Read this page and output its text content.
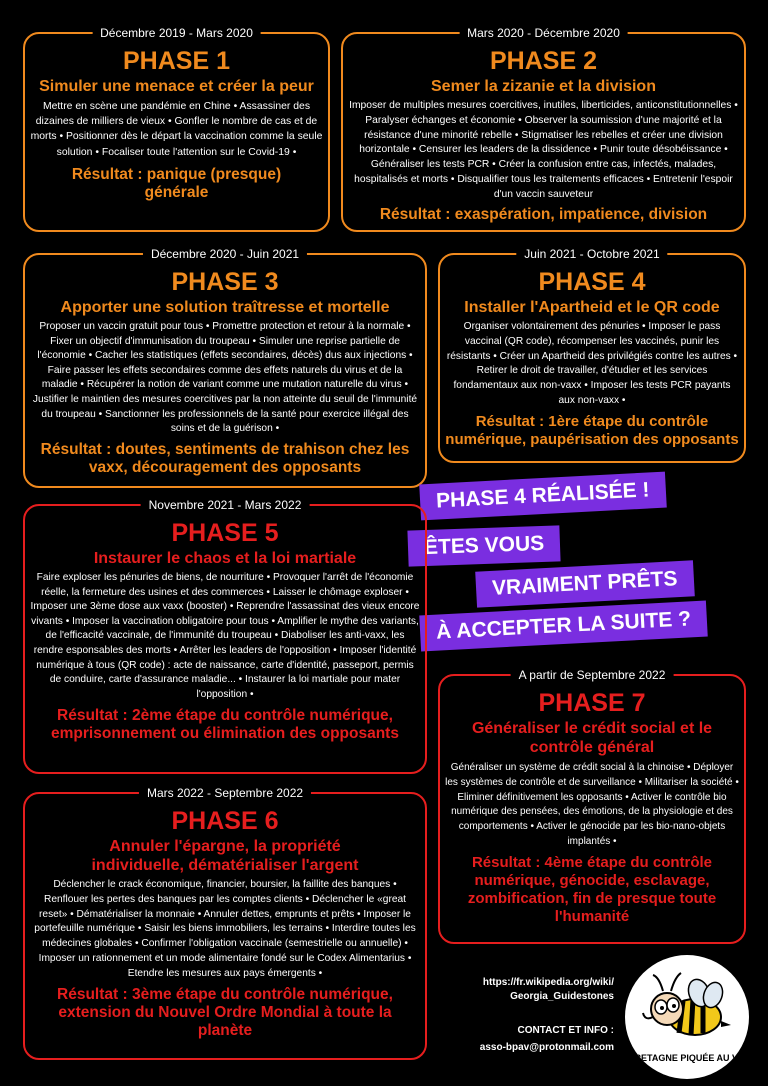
Décembre 2019 - Mars 2020
PHASE 1
Simuler une menace et créer la peur
Mettre en scène une pandémie en Chine • Assassiner des dizaines de milliers de vieux • Gonfler le nombre de cas et de morts • Positionner dès le départ la vaccination comme la seule solution • Focaliser toute l'attention sur le Covid-19 •
Résultat : panique (presque) générale
Mars 2020 - Décembre 2020
PHASE 2
Semer la zizanie et la division
Imposer de multiples mesures coercitives, inutiles, liberticides, anticonstitutionnelles • Paralyser échanges et économie • Observer la soumission d'une majorité et la résistance d'une minorité rebelle • Stigmatiser les rebelles et créer une division horizontale • Censurer les leaders de la dissidence • Punir toute désobéissance • Généraliser les tests PCR • Créer la confusion entre cas, infectés, malades, hospitalisés et morts • Disqualifier tous les traitements efficaces • Entretenir l'espoir d'un vaccin sauveteur
Résultat : exaspération, impatience, division
Décembre 2020 - Juin 2021
PHASE 3
Apporter une solution traîtresse et mortelle
Proposer un vaccin gratuit pour tous • Promettre protection et retour à la normale • Fixer un objectif d'immunisation du troupeau • Simuler une reprise partielle de l'économie • Cacher les statistiques (effets secondaires, décès) dus aux injections • Faire passer les effets secondaires comme des effets naturels du virus et de la maladie • Récupérer la notion de variant comme une mutation naturelle du virus • Justifier le maintien des mesures coercitives par la non atteinte du seuil de l'immunité du troupeau • Sanctionner les professionnels de la santé pour exercice illégal des soins et de la guérison •
Résultat : doutes, sentiments de trahison chez les vaxx, découragement des opposants
Juin 2021 - Octobre 2021
PHASE 4
Installer l'Apartheid et le QR code
Organiser volontairement des pénuries • Imposer le pass vaccinal (QR code), récompenser les vaccinés, punir les résistants • Créer un Apartheid des privilégiés contre les autres • Retirer le droit de travailler, d'étudier et les services fondamentaux aux non-vaxx • Imposer les tests PCR payants aux non-vaxx •
Résultat : 1ère étape du contrôle numérique, paupérisation des opposants
PHASE 4 RÉALISÉE !
ÊTES VOUS
VRAIMENT PRÊTS
À ACCEPTER LA SUITE ?
Novembre 2021 - Mars 2022
PHASE 5
Instaurer le chaos et la loi martiale
Faire exploser les pénuries de biens, de nourriture • Provoquer l'arrêt de l'économie réelle, la fermeture des usines et des commerces • Laisser le chômage exploser • Imposer une 3ème dose aux vaxx (booster) • Reprendre l'assassinat des vieux encore vivants • Imposer la vaccination obligatoire pour tous • Amplifier le mythe des variants, de l'efficacité vaccinale, de l'immunité du troupeau • Diaboliser les anti-vaxx, les rendre esponsables des morts • Arrêter les leaders de l'opposition • Imposer l'identité numérique à tous (QR code) : acte de naissance, carte d'identité, passeport, permis de conduire, carte d'assurance maladie... • Instaurer la loi martiale pour mater l'opposition •
Résultat : 2ème étape du contrôle numérique, emprisonnement ou élimination des opposants
Mars 2022 - Septembre 2022
PHASE 6
Annuler l'épargne, la propriété individuelle, dématérialiser l'argent
Déclencher le crack économique, financier, boursier, la faillite des banques • Renflouer les pertes des banques par les comptes clients • Déclencher le «great reset» • Dématérialiser la monnaie • Annuler dettes, emprunts et prêts • Imposer le portefeuille numérique • Saisir les biens immobiliers, les terrains • Interdire toutes les médecines globales • Confirmer l'obligation vaccinale (semestrielle ou annuelle) • Imposer un rationnement et un mode alimentaire fondé sur le Codex Alimentarius • Etendre les mesures aux pays émergents •
Résultat : 3ème étape du contrôle numérique, extension du Nouvel Ordre Mondial à toute la planète
A partir de Septembre 2022
PHASE 7
Généraliser le crédit social et le contrôle général
Généraliser un système de crédit social à la chinoise • Déployer les systèmes de contrôle et de surveillance • Militariser la société • Eliminer définitivement les opposants • Activer le contrôle bio numérique des pensées, des émotions, de la physiologie et des comportements • Activer le génocide par les bio-nano-objets implantés •
Résultat : 4ème étape du contrôle numérique, génocide, esclavage, zombification, fin de presque toute l'humanité
https://fr.wikipedia.org/wiki/
Georgia_Guidestones
CONTACT ET INFO :
asso-bpav@protonmail.com
BRETAGNE PIQUÉE AU VIF
